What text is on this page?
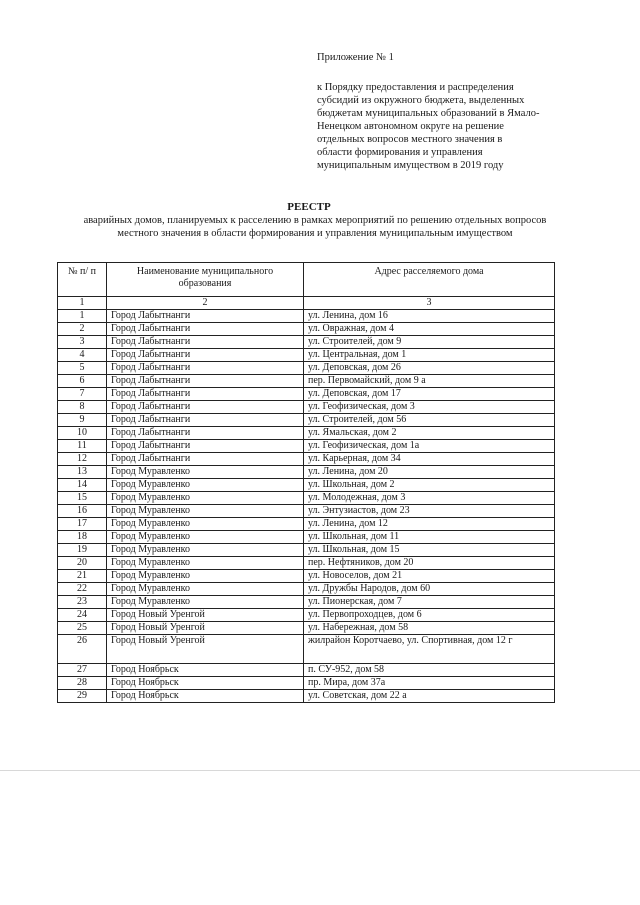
Приложение № 1
к Порядку предоставления и распределения
субсидий из окружного бюджета, выделенных
бюджетам муниципальных образований в Ямало-
Ненецком автономном округе на решение
отдельных вопросов местного значения в
области формирования и управления
муниципальным имуществом в 2019 году
РЕЕСТР
аварийных домов, планируемых к расселению в рамках мероприятий по решению отдельных вопросов местного значения в области формирования и управления муниципальным имуществом
№ п/ п	Наименование муниципального образования	Адрес расселяемого дома
1	2	3
1	Город Лабытнанги	ул. Ленина, дом 16
2	Город Лабытнанги	ул. Овражная, дом 4
3	Город Лабытнанги	ул. Строителей, дом 9
4	Город Лабытнанги	ул. Центральная, дом 1
5	Город Лабытнанги	ул. Деповская, дом 26
6	Город Лабытнанги	пер. Первомайский, дом 9 а
7	Город Лабытнанги	ул. Деповская, дом 17
8	Город Лабытнанги	ул. Геофизическая, дом 3
9	Город Лабытнанги	ул. Строителей, дом 56
10	Город Лабытнанги	ул. Ямальская, дом 2
11	Город Лабытнанги	ул. Геофизическая, дом 1а
12	Город Лабытнанги	ул. Карьерная, дом 34
13	Город Муравленко	ул. Ленина, дом 20
14	Город Муравленко	ул. Школьная, дом 2
15	Город Муравленко	ул. Молодежная, дом 3
16	Город Муравленко	ул. Энтузиастов, дом 23
17	Город Муравленко	ул. Ленина, дом 12
18	Город Муравленко	ул. Школьная, дом 11
19	Город Муравленко	ул. Школьная, дом 15
20	Город Муравленко	пер. Нефтяников, дом 20
21	Город Муравленко	ул. Новоселов, дом 21
22	Город Муравленко	ул. Дружбы Народов, дом 60
23	Город Муравленко	ул. Пионерская, дом 7
24	Город Новый Уренгой	ул. Первопроходцев, дом 6
25	Город Новый Уренгой	ул. Набережная, дом 58
26	Город Новый Уренгой	жилрайон Коротчаево, ул. Спортивная, дом 12 г
27	Город Ноябрьск	п. СУ-952, дом 58
28	Город Ноябрьск	пр. Мира, дом 37а
29	Город Ноябрьск	ул. Советская, дом 22 а
